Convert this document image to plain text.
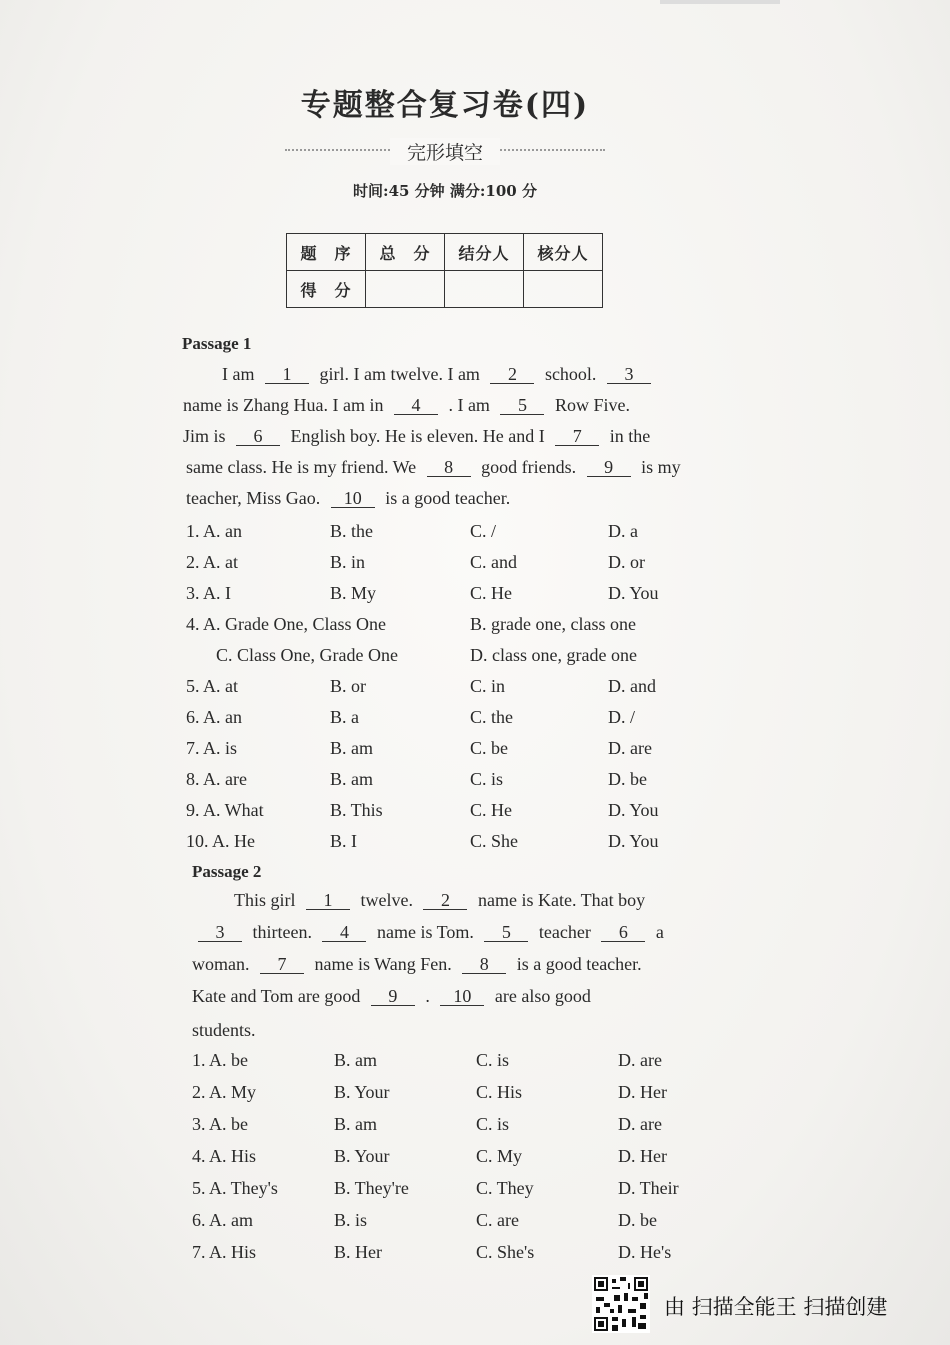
专题整合复习卷(四)
完形填空
时间:45 分钟 满分:100 分
题　序	总　分	结分人	核分人
得　分			
Passage 1
I am 1 girl. I am twelve. I am 2 school. 3
name is Zhang Hua. I am in 4 . I am 5 Row Five.
Jim is 6 English boy. He is eleven. He and I 7 in the
same class. He is my friend. We 8 good friends. 9 is my
teacher, Miss Gao. 10 is a good teacher.
1. A. an	B. the	C. /	D. a
2. A. at	B. in	C. and	D. or
3. A. I	B. My	C. He	D. You
4. A. Grade One, Class One	B. grade one, class one
C. Class One, Grade One	D. class one, grade one
5. A. at	B. or	C. in	D. and
6. A. an	B. a	C. the	D. /
7. A. is	B. am	C. be	D. are
8. A. are	B. am	C. is	D. be
9. A. What	B. This	C. He	D. You
10. A. He	B. I	C. She	D. You
Passage 2
This girl 1 twelve. 2 name is Kate. That boy
3 thirteen. 4 name is Tom. 5 teacher 6 a
woman. 7 name is Wang Fen. 8 is a good teacher.
Kate and Tom are good 9 . 10 are also good
students.
1. A. be	B. am	C. is	D. are
2. A. My	B. Your	C. His	D. Her
3. A. be	B. am	C. is	D. are
4. A. His	B. Your	C. My	D. Her
5. A. They's	B. They're	C. They	D. Their
6. A. am	B. is	C. are	D. be
7. A. His	B. Her	C. She's	D. He's
由 扫描全能王 扫描创建
